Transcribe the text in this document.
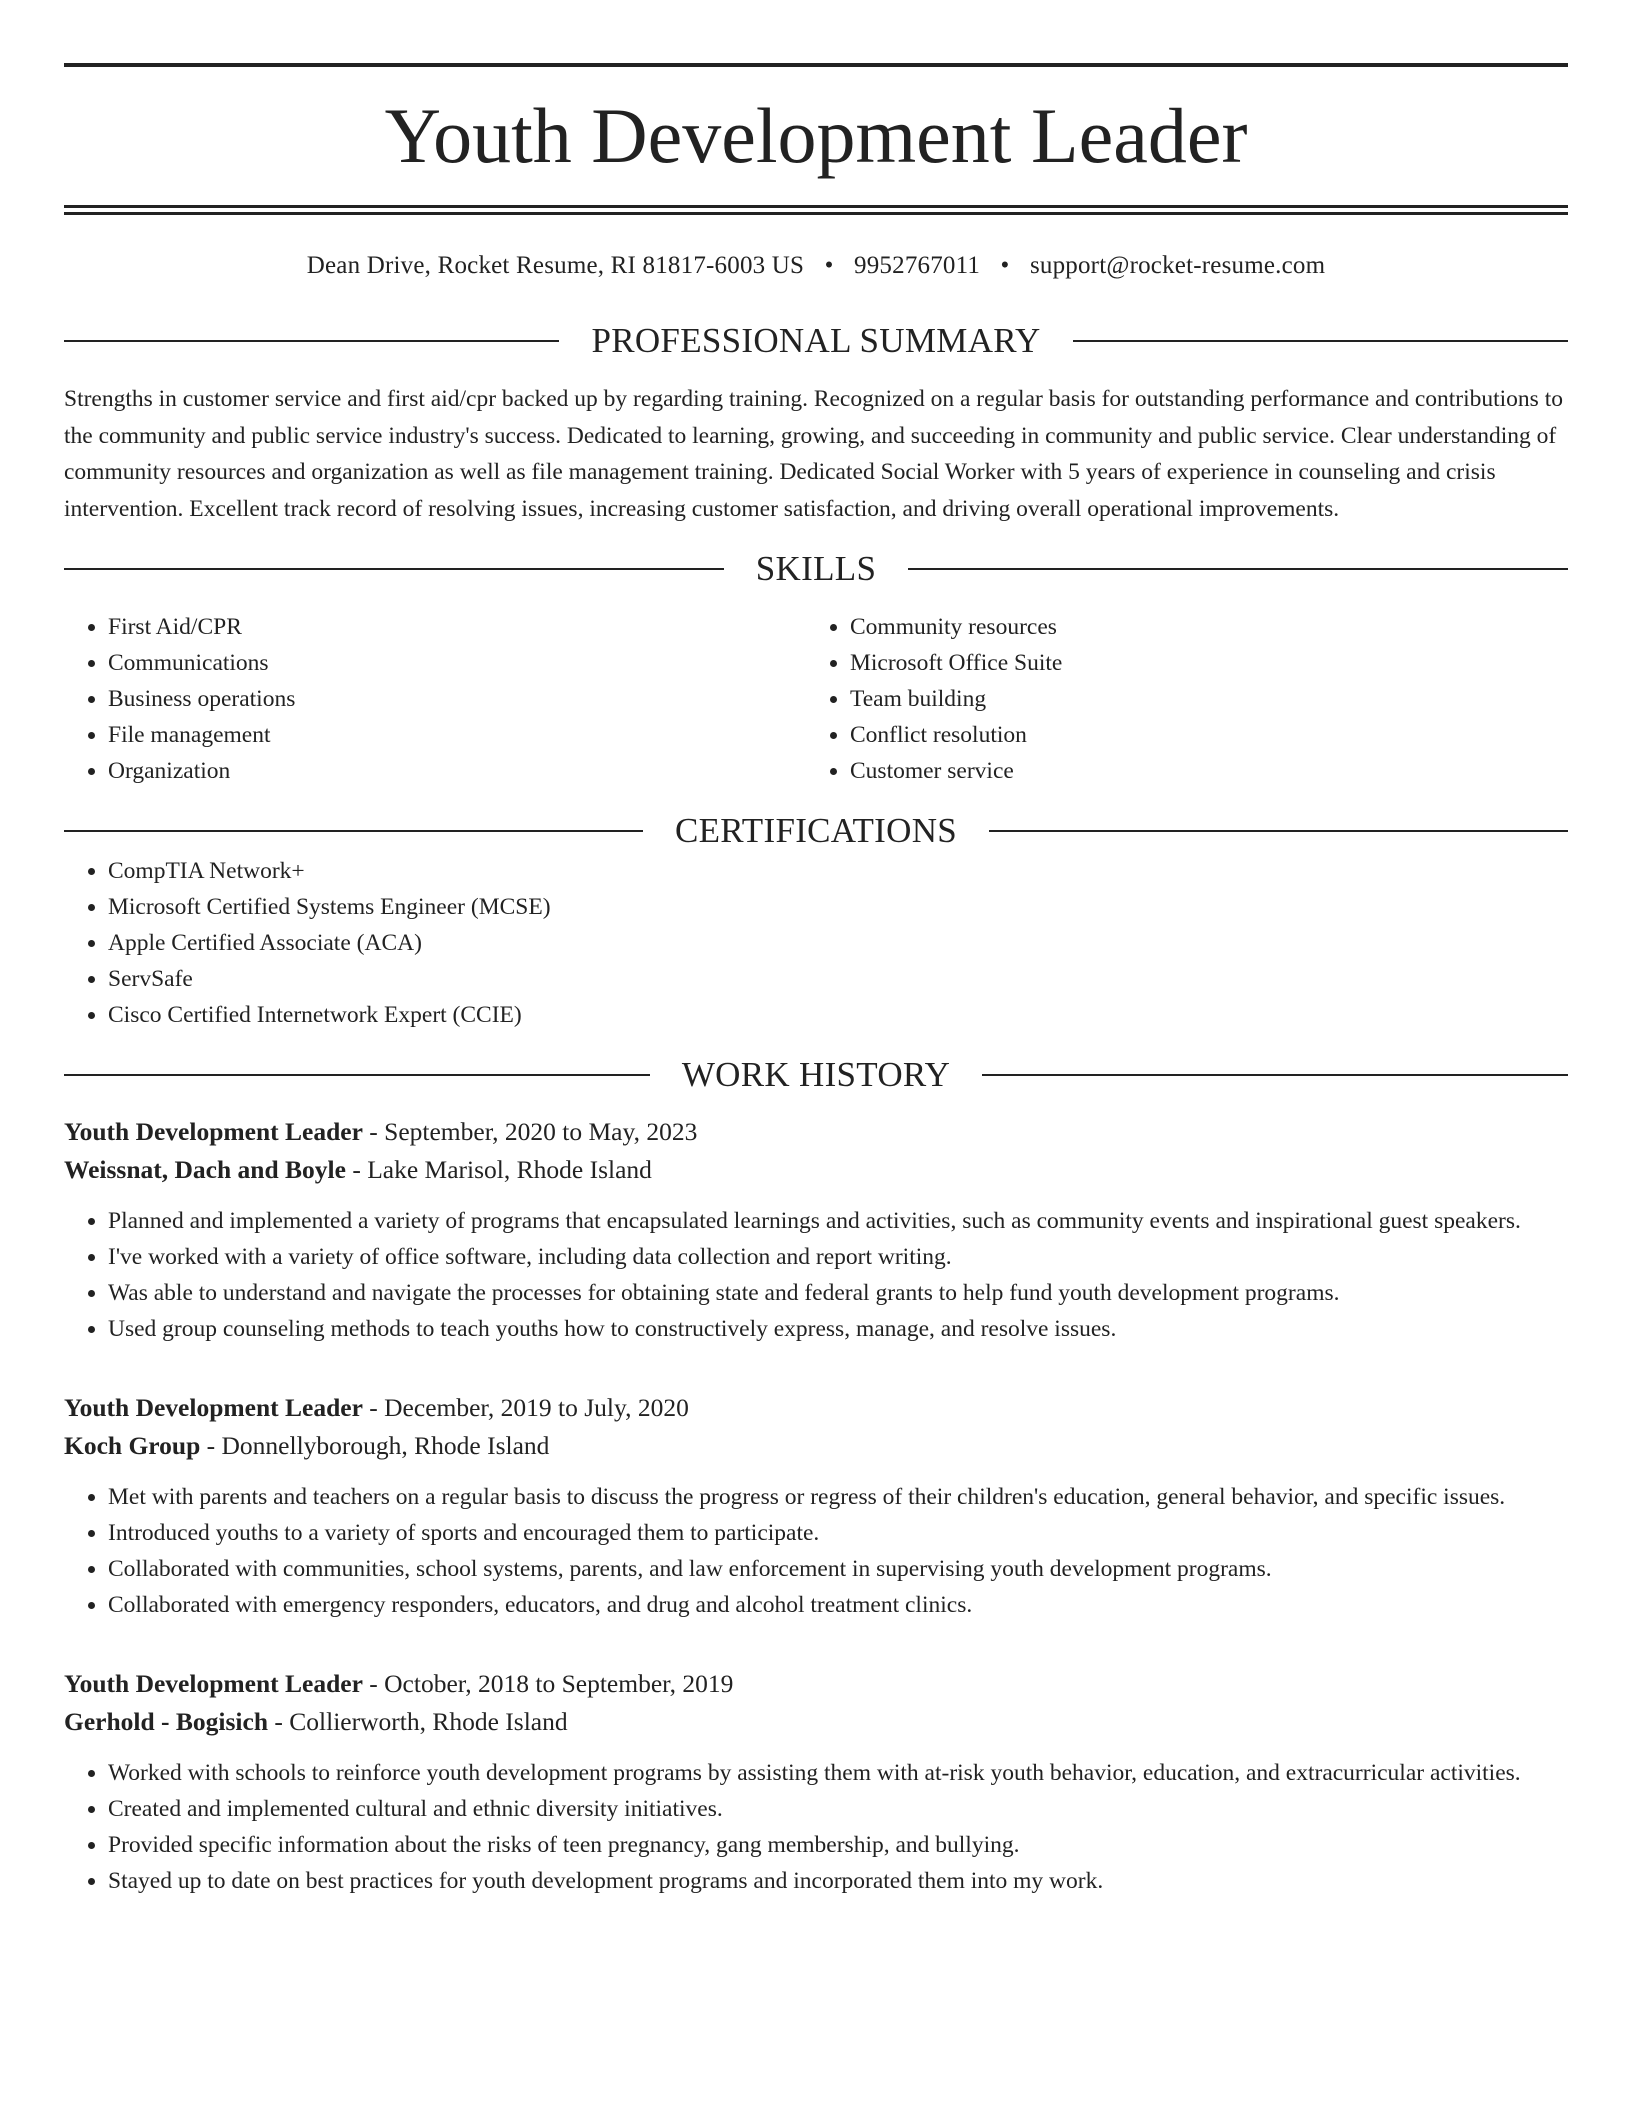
Youth Development Leader
Dean Drive, Rocket Resume, RI 81817-6003 US • 9952767011 • support@rocket-resume.com
PROFESSIONAL SUMMARY

Strengths in customer service and first aid/cpr backed up by regarding training. Recognized on a regular basis for outstanding performance and contributions to the community and public service industry's success. Dedicated to learning, growing, and succeeding in community and public service. Clear understanding of community resources and organization as well as file management training. Dedicated Social Worker with 5 years of experience in counseling and crisis intervention. Excellent track record of resolving issues, increasing customer satisfaction, and driving overall operational improvements.

SKILLS
• First Aid/CPR
• Communications
• Business operations
• File management
• Organization
• Community resources
• Microsoft Office Suite
• Team building
• Conflict resolution
• Customer service
CERTIFICATIONS
• CompTIA Network+
• Microsoft Certified Systems Engineer (MCSE)
• Apple Certified Associate (ACA)
• ServSafe
• Cisco Certified Internetwork Expert (CCIE)
WORK HISTORY
Youth Development Leader - September, 2020 to May, 2023
Weissnat, Dach and Boyle - Lake Marisol, Rhode Island
• Planned and implemented a variety of programs that encapsulated learnings and activities, such as community events and inspirational guest speakers.
• I've worked with a variety of office software, including data collection and report writing.
• Was able to understand and navigate the processes for obtaining state and federal grants to help fund youth development programs.
• Used group counseling methods to teach youths how to constructively express, manage, and resolve issues.
Youth Development Leader - December, 2019 to July, 2020
Koch Group - Donnellyborough, Rhode Island
• Met with parents and teachers on a regular basis to discuss the progress or regress of their children's education, general behavior, and specific issues.
• Introduced youths to a variety of sports and encouraged them to participate.
• Collaborated with communities, school systems, parents, and law enforcement in supervising youth development programs.
• Collaborated with emergency responders, educators, and drug and alcohol treatment clinics.
Youth Development Leader - October, 2018 to September, 2019
Gerhold - Bogisich - Collierworth, Rhode Island
• Worked with schools to reinforce youth development programs by assisting them with at-risk youth behavior, education, and extracurricular activities.
• Created and implemented cultural and ethnic diversity initiatives.
• Provided specific information about the risks of teen pregnancy, gang membership, and bullying.
• Stayed up to date on best practices for youth development programs and incorporated them into my work.
